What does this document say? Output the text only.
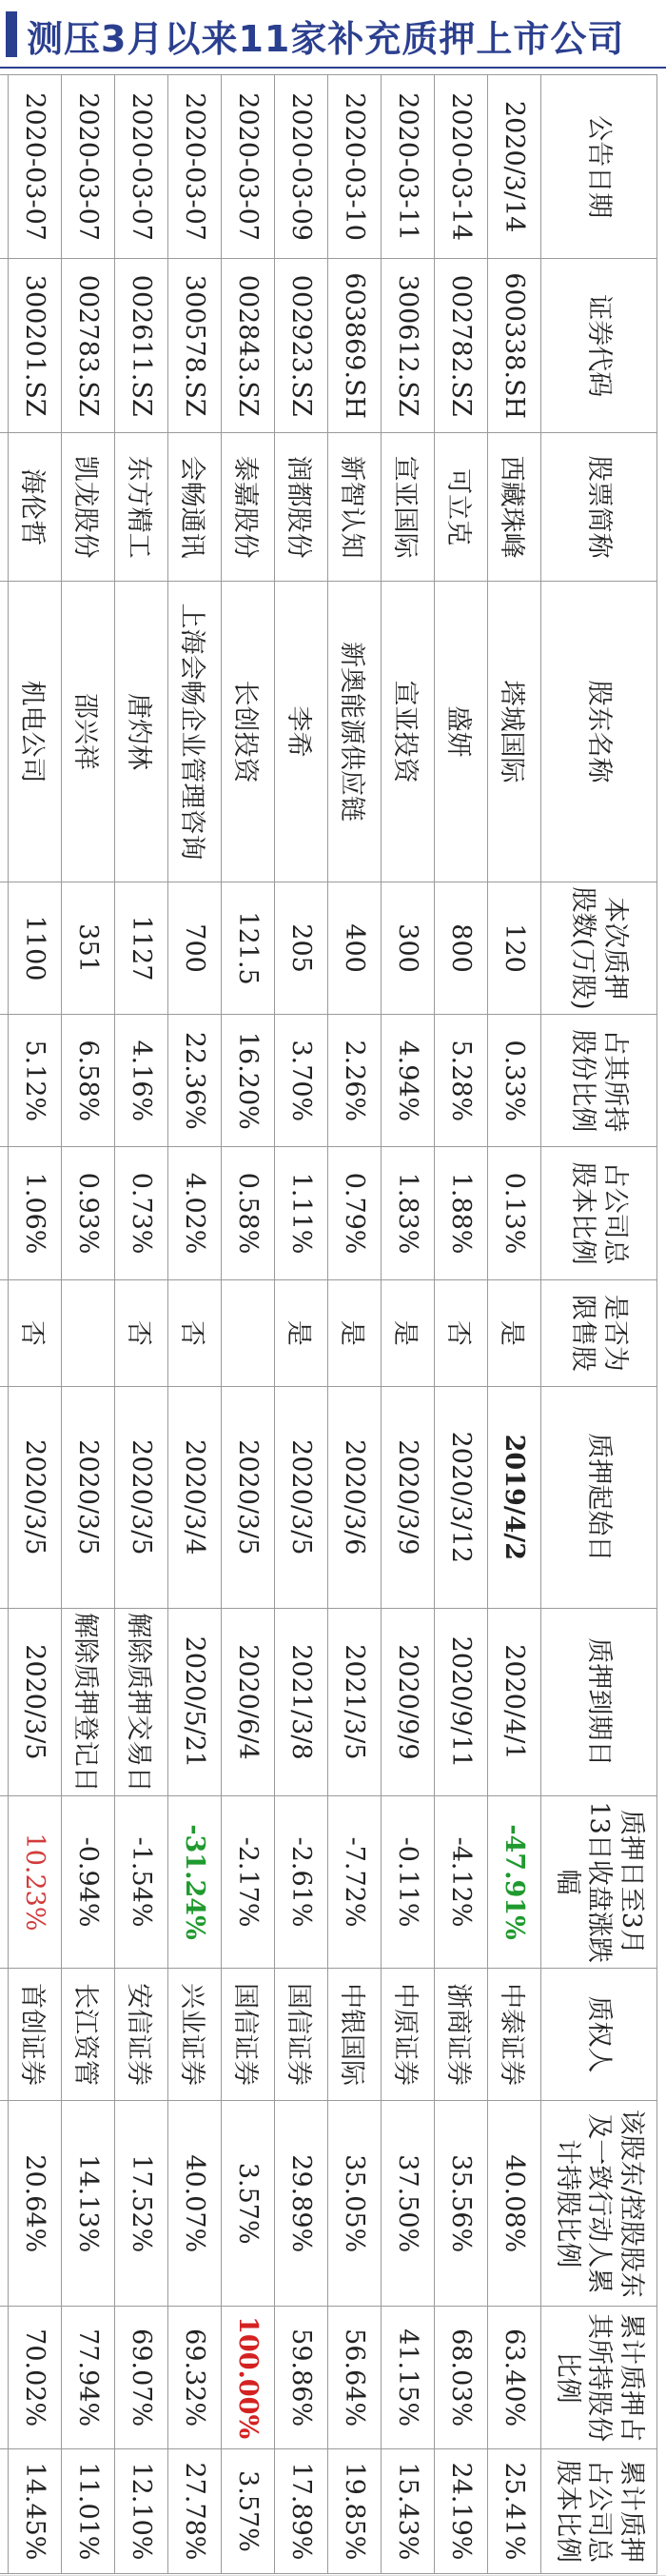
测压3月以来11家补充质押上市公司
公告日期	证券代码	股票简称	股东名称	本次质押股数(万股)	占其所持股份比例	占公司总股本比例	是否为限售股	质押起始日	质押到期日	质押日至3月13日收盘涨跌幅	质权人	该股东/控股股东及一致行动人累计持股比例	累计质押占其所持股份比例	累计质押占公司总股本比例
2020/3/14	600338.SH	西藏珠峰	塔城国际	120	0.33%	0.13%	是	2019/4/2	2020/4/1	-47.91%	中泰证券	40.08%	63.40%	25.41%
2020-03-14	002782.SZ	可立克	盛妍	800	5.28%	1.88%	否	2020/3/12	2020/9/11	-4.12%	浙商证券	35.56%	68.03%	24.19%
2020-03-11	300612.SZ	宣亚国际	宣亚投资	300	4.94%	1.83%	是	2020/3/9	2020/9/9	-0.11%	中原证券	37.50%	41.15%	15.43%
2020-03-10	603869.SH	新智认知	新奥能源供应链	400	2.26%	0.79%	是	2020/3/6	2021/3/5	-7.72%	中银国际	35.05%	56.64%	19.85%
2020-03-09	002923.SZ	润都股份	李希	205	3.70%	1.11%	是	2020/3/5	2021/3/8	-2.61%	国信证券	29.89%	59.86%	17.89%
2020-03-07	002843.SZ	泰嘉股份	长创投资	121.5	16.20%	0.58%		2020/3/5	2020/6/4	-2.17%	国信证券	3.57%	100.00%	3.57%
2020-03-07	300578.SZ	会畅通讯	上海会畅企业管理咨询	700	22.36%	4.02%	否	2020/3/4	2020/5/21	-31.24%	兴业证券	40.07%	69.32%	27.78%
2020-03-07	002611.SZ	东方精工	唐灼林	1127	4.16%	0.73%	否	2020/3/5	解除质押交易日	-1.54%	安信证券	17.52%	69.07%	12.10%
2020-03-07	002783.SZ	凯龙股份	邵兴祥	351	6.58%	0.93%		2020/3/5	解除质押登记日	-0.94%	长江资管	14.13%	77.94%	11.01%
2020-03-07	300201.SZ	海伦哲	机电公司	1100	5.12%	1.06%	否	2020/3/5	2020/3/5	10.23%	首创证券	20.64%	70.02%	14.45%
